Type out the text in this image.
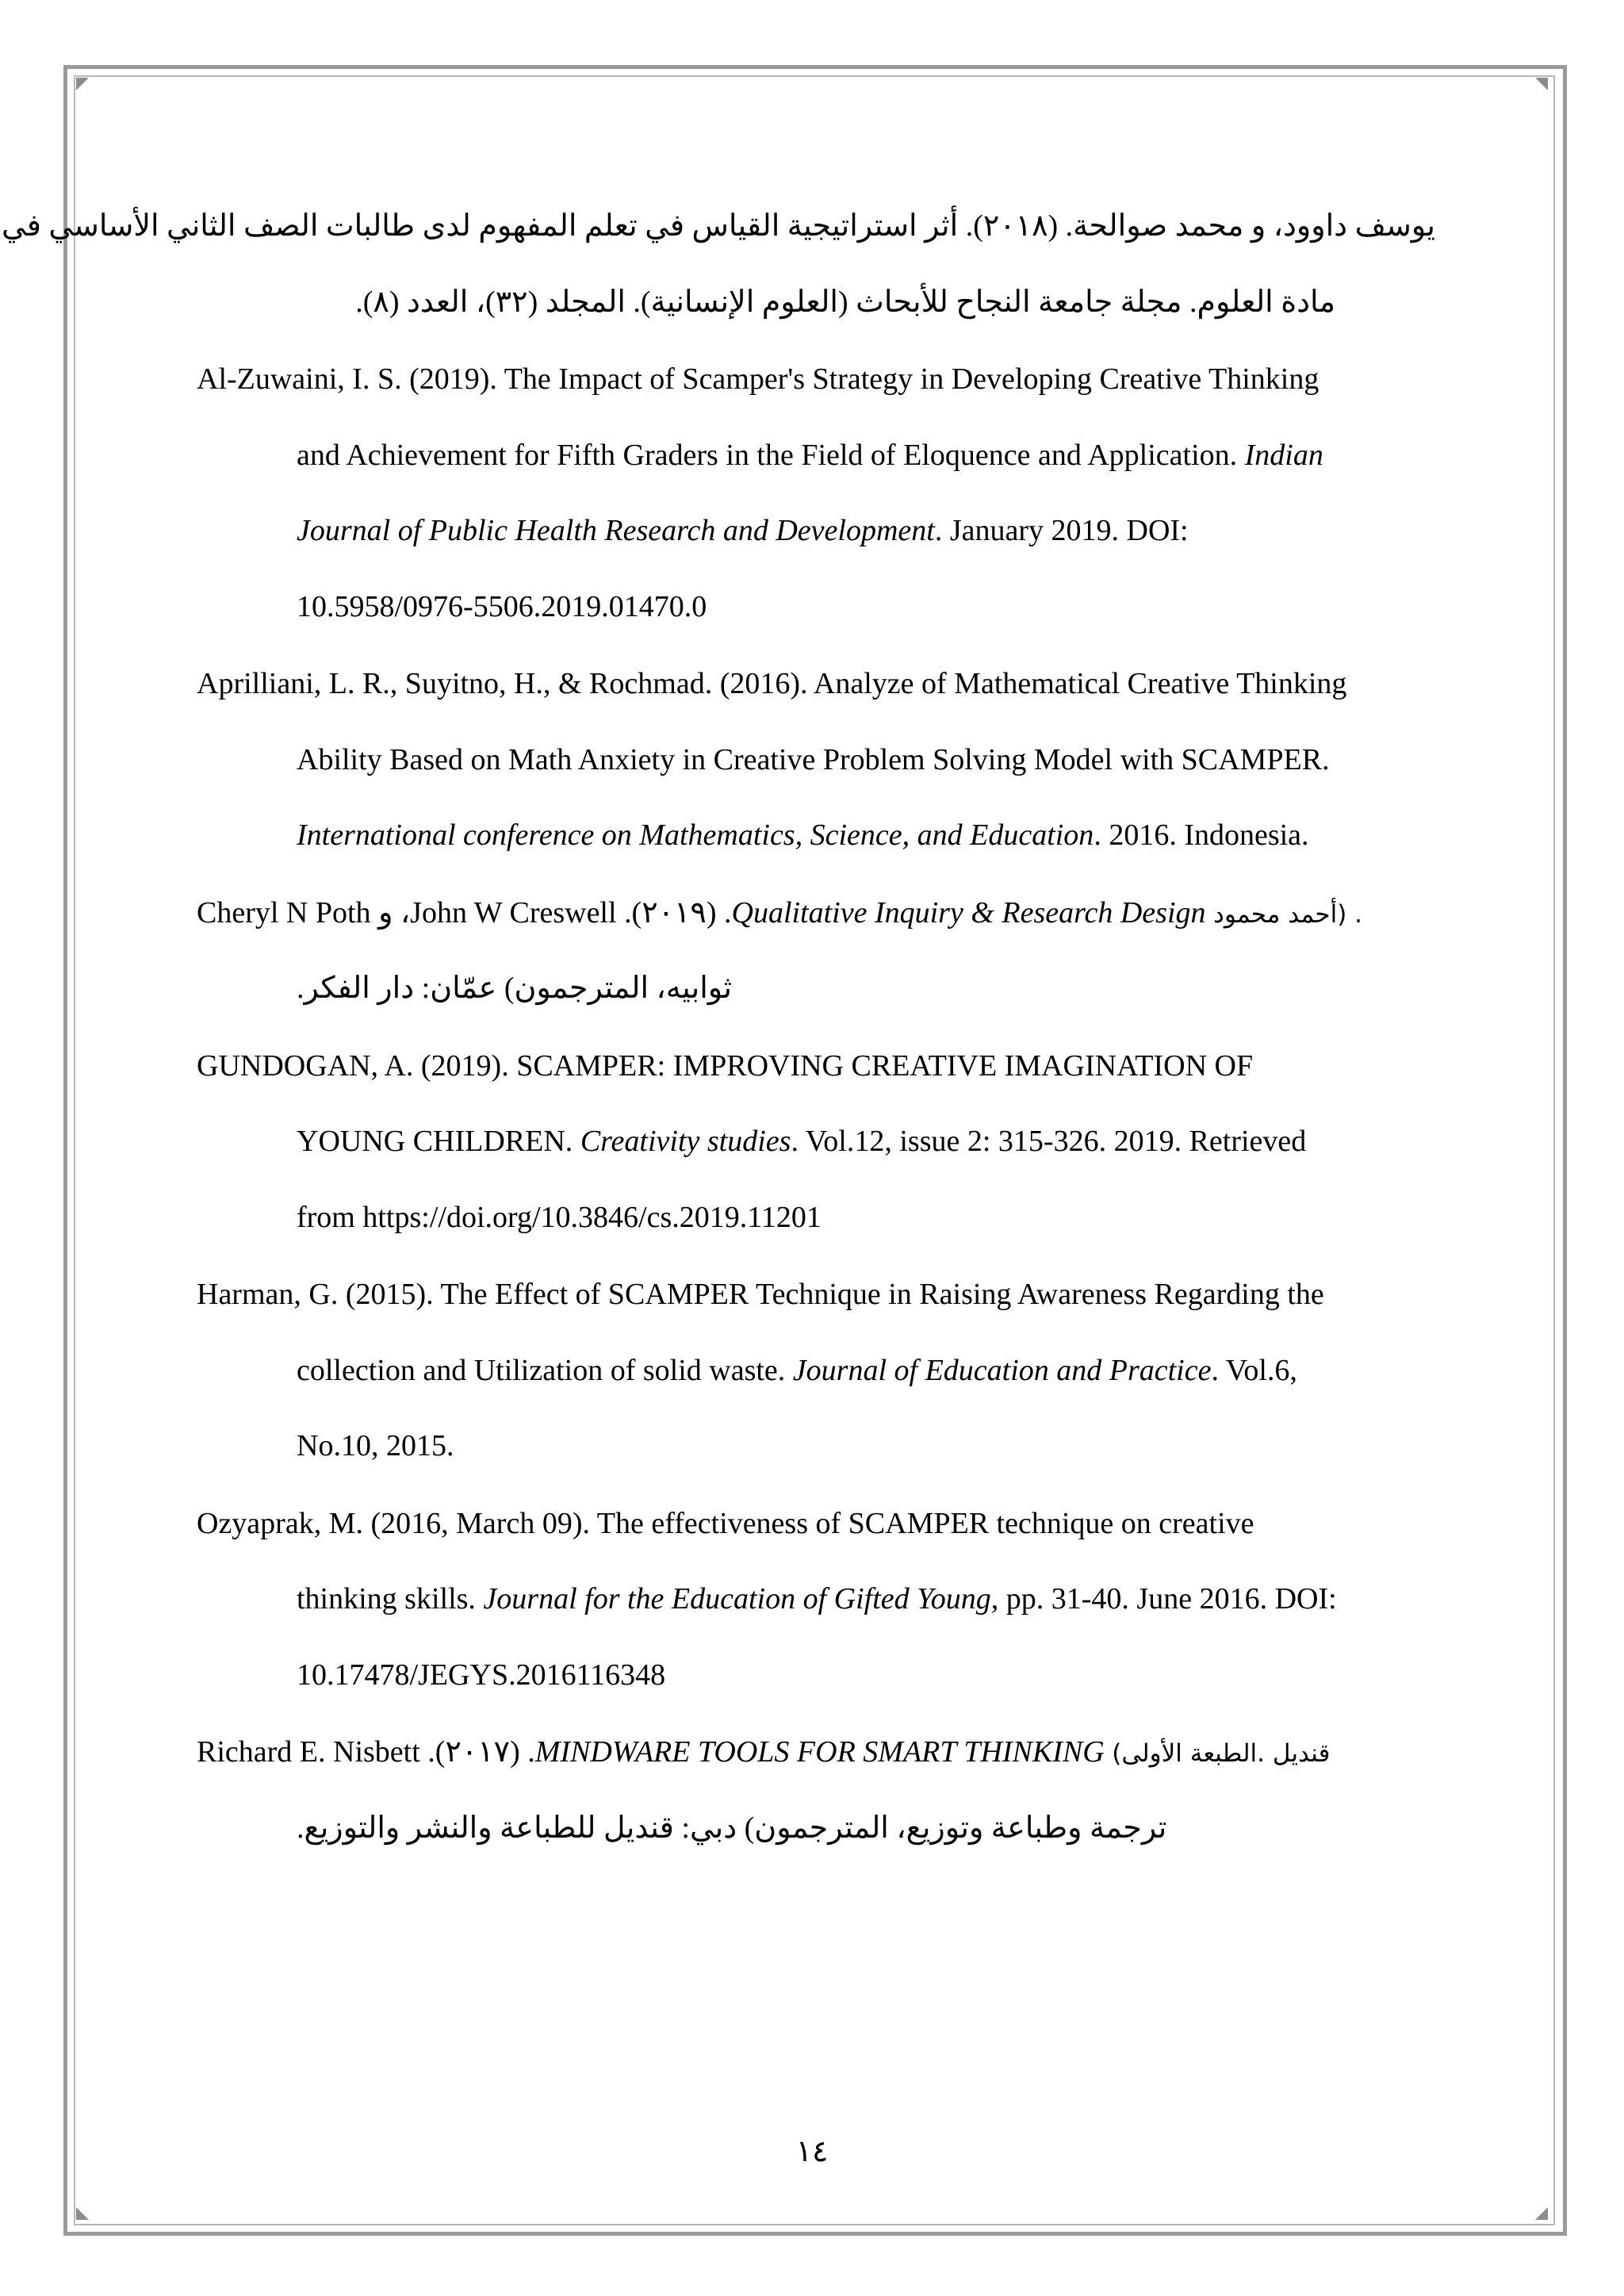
يوسف داوود، و محمد صوالحة. (٢٠١٨). أثر استراتيجية القياس في تعلم المفهوم لدى طالبات الصف الثاني الأساسي في
مادة العلوم. مجلة جامعة النجاح للأبحاث (العلوم الإنسانية). المجلد (٣٢)، العدد (٨).
Al-Zuwaini, I. S. (2019). The Impact of Scamper's Strategy in Developing Creative Thinking
and Achievement for Fifth Graders in the Field of Eloquence and Application. Indian
Journal of Public Health Research and Development. January 2019. DOI:
10.5958/0976-5506.2019.01470.0
Aprilliani, L. R., Suyitno, H., & Rochmad. (2016). Analyze of Mathematical Creative Thinking
Ability Based on Math Anxiety in Creative Problem Solving Model with SCAMPER.
International conference on Mathematics, Science, and Education. 2016. Indonesia.
Cheryl N Poth و ،John W Creswell .(٢٠١٩) .Qualitative Inquiry & Research Design أحمد محمود) .
ثوابيه، المترجمون) عمّان: دار الفكر.
GUNDOGAN, A. (2019). SCAMPER: IMPROVING CREATIVE IMAGINATION OF
YOUNG CHILDREN. Creativity studies. Vol.12, issue 2: 315-326. 2019. Retrieved
from https://doi.org/10.3846/cs.2019.11201
Harman, G. (2015). The Effect of SCAMPER Technique in Raising Awareness Regarding the
collection and Utilization of solid waste. Journal of Education and Practice. Vol.6,
No.10, 2015.
Ozyaprak, M. (2016, March 09). The effectiveness of SCAMPER technique on creative
thinking skills. Journal for the Education of Gifted Young, pp. 31-40. June 2016. DOI:
10.17478/JEGYS.2016116348
Richard E. Nisbett .(٢٠١٧) .MINDWARE TOOLS FOR SMART THINKING (قنديل .الطبعة الأولى
ترجمة وطباعة وتوزيع، المترجمون) دبي: قنديل للطباعة والنشر والتوزيع.
١٤
